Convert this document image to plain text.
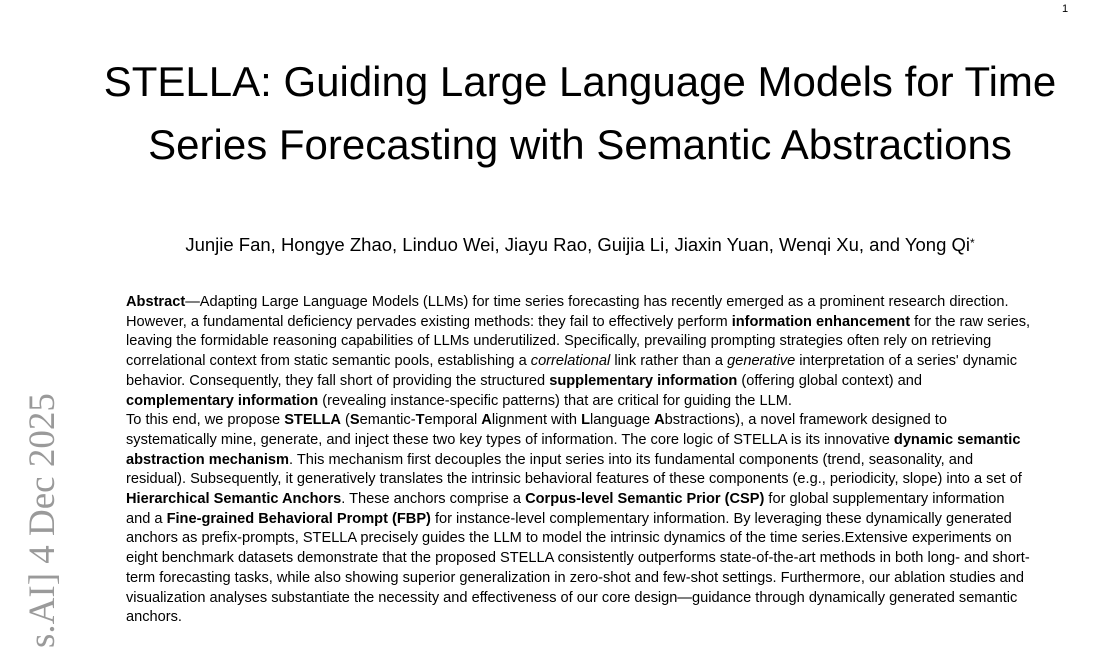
1
STELLA: Guiding Large Language Models for Time Series Forecasting with Semantic Abstractions
Junjie Fan, Hongye Zhao, Linduo Wei, Jiayu Rao, Guijia Li, Jiaxin Yuan, Wenqi Xu, and Yong Qi*

Abstract—Adapting Large Language Models (LLMs) for time series forecasting has recently emerged as a prominent research direction. However, a fundamental deficiency pervades existing methods: they fail to effectively perform information enhancement for the raw series, leaving the formidable reasoning capabilities of LLMs underutilized. Specifically, prevailing prompting strategies often rely on retrieving correlational context from static semantic pools, establishing a correlational link rather than a generative interpretation of a series' dynamic behavior. Consequently, they fall short of providing the structured supplementary information (offering global context) and complementary information (revealing instance-specific patterns) that are critical for guiding the LLM.

To this end, we propose STELLA (Semantic-Temporal Alignment with Llanguage Abstractions), a novel framework designed to systematically mine, generate, and inject these two key types of information. The core logic of STELLA is its innovative dynamic semantic abstraction mechanism. This mechanism first decouples the input series into its fundamental components (trend, seasonality, and residual). Subsequently, it generatively translates the intrinsic behavioral features of these components (e.g., periodicity, slope) into a set of Hierarchical Semantic Anchors. These anchors comprise a Corpus-level Semantic Prior (CSP) for global supplementary information and a Fine-grained Behavioral Prompt (FBP) for instance-level complementary information. By leveraging these dynamically generated anchors as prefix-prompts, STELLA precisely guides the LLM to model the intrinsic dynamics of the time series.Extensive experiments on eight benchmark datasets demonstrate that the proposed STELLA consistently outperforms state-of-the-art methods in both long- and short-term forecasting tasks, while also showing superior generalization in zero-shot and few-shot settings. Furthermore, our ablation studies and visualization analyses substantiate the necessity and effectiveness of our core design—guidance through dynamically generated semantic anchors.

s.AI] 4 Dec 2025
